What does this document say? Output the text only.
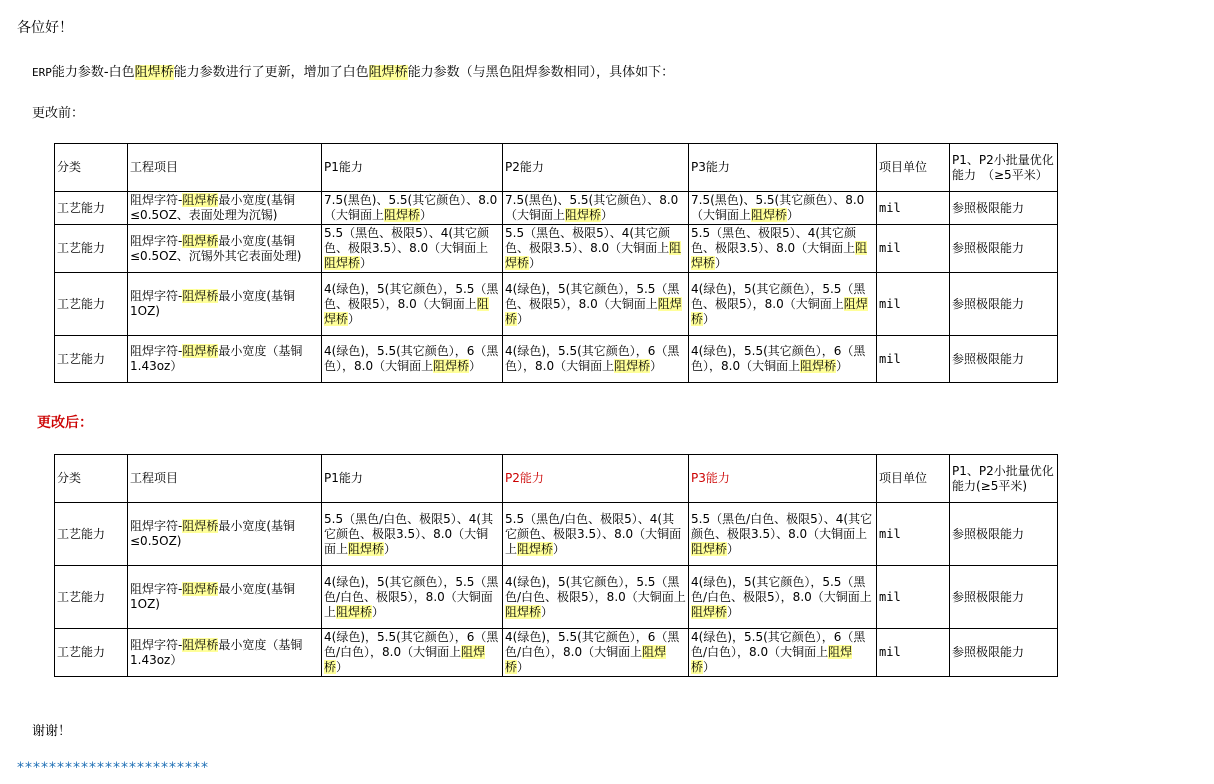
各位好！
ERP能力参数-白色阻焊桥能力参数进行了更新，增加了白色阻焊桥能力参数（与黑色阻焊参数相同），具体如下：
更改前：
分类	工程项目	P1能力	P2能力	P3能力	项目单位	P1、P2小批量优化能力　（≥5平米）
工艺能力	阻焊字符-阻焊桥最小宽度(基铜≤0.5OZ、表面处理为沉锡)	7.5(黑色)、5.5(其它颜色）、8.0（大铜面上阻焊桥）	7.5(黑色)、5.5(其它颜色）、8.0（大铜面上阻焊桥）	7.5(黑色)、5.5(其它颜色）、8.0（大铜面上阻焊桥）	mil	参照极限能力
工艺能力	阻焊字符-阻焊桥最小宽度(基铜≤0.5OZ、沉锡外其它表面处理)	5.5（黑色、极限5）、4(其它颜色、极限3.5）、8.0（大铜面上阻焊桥）	5.5（黑色、极限5）、4(其它颜色、极限3.5）、8.0（大铜面上阻焊桥）	5.5（黑色、极限5）、4(其它颜色、极限3.5）、8.0（大铜面上阻焊桥）	mil	参照极限能力
工艺能力	阻焊字符-阻焊桥最小宽度(基铜1OZ)	4(绿色)，5(其它颜色），5.5（黑色、极限5），8.0（大铜面上阻焊桥）	4(绿色)，5(其它颜色），5.5（黑色、极限5），8.0（大铜面上阻焊桥）	4(绿色)，5(其它颜色），5.5（黑色、极限5），8.0（大铜面上阻焊桥）	mil	参照极限能力
工艺能力	阻焊字符-阻焊桥最小宽度（基铜1.43oz）	4(绿色)，5.5(其它颜色），6（黑色），8.0（大铜面上阻焊桥）	4(绿色)，5.5(其它颜色），6（黑色），8.0（大铜面上阻焊桥）	4(绿色)，5.5(其它颜色），6（黑色），8.0（大铜面上阻焊桥）	mil	参照极限能力
更改后：
分类	工程项目	P1能力	P2能力	P3能力	项目单位	P1、P2小批量优化能力(≥5平米)
工艺能力	阻焊字符-阻焊桥最小宽度(基铜≤0.5OZ)	5.5（黑色/白色、极限5）、4(其它颜色、极限3.5）、8.0（大铜面上阻焊桥）	5.5（黑色/白色、极限5）、4(其它颜色、极限3.5）、8.0（大铜面上阻焊桥）	5.5（黑色/白色、极限5）、4(其它颜色、极限3.5）、8.0（大铜面上阻焊桥）	mil	参照极限能力
工艺能力	阻焊字符-阻焊桥最小宽度(基铜1OZ)	4(绿色)，5(其它颜色），5.5（黑色/白色、极限5），8.0（大铜面上阻焊桥）	4(绿色)，5(其它颜色），5.5（黑色/白色、极限5），8.0（大铜面上阻焊桥）	4(绿色)，5(其它颜色），5.5（黑色/白色、极限5），8.0（大铜面上阻焊桥）	mil	参照极限能力
工艺能力	阻焊字符-阻焊桥最小宽度（基铜1.43oz）	4(绿色)，5.5(其它颜色），6（黑色/白色），8.0（大铜面上阻焊桥）	4(绿色)，5.5(其它颜色），6（黑色/白色），8.0（大铜面上阻焊桥）	4(绿色)，5.5(其它颜色），6（黑色/白色），8.0（大铜面上阻焊桥）	mil	参照极限能力
谢谢！
************************
